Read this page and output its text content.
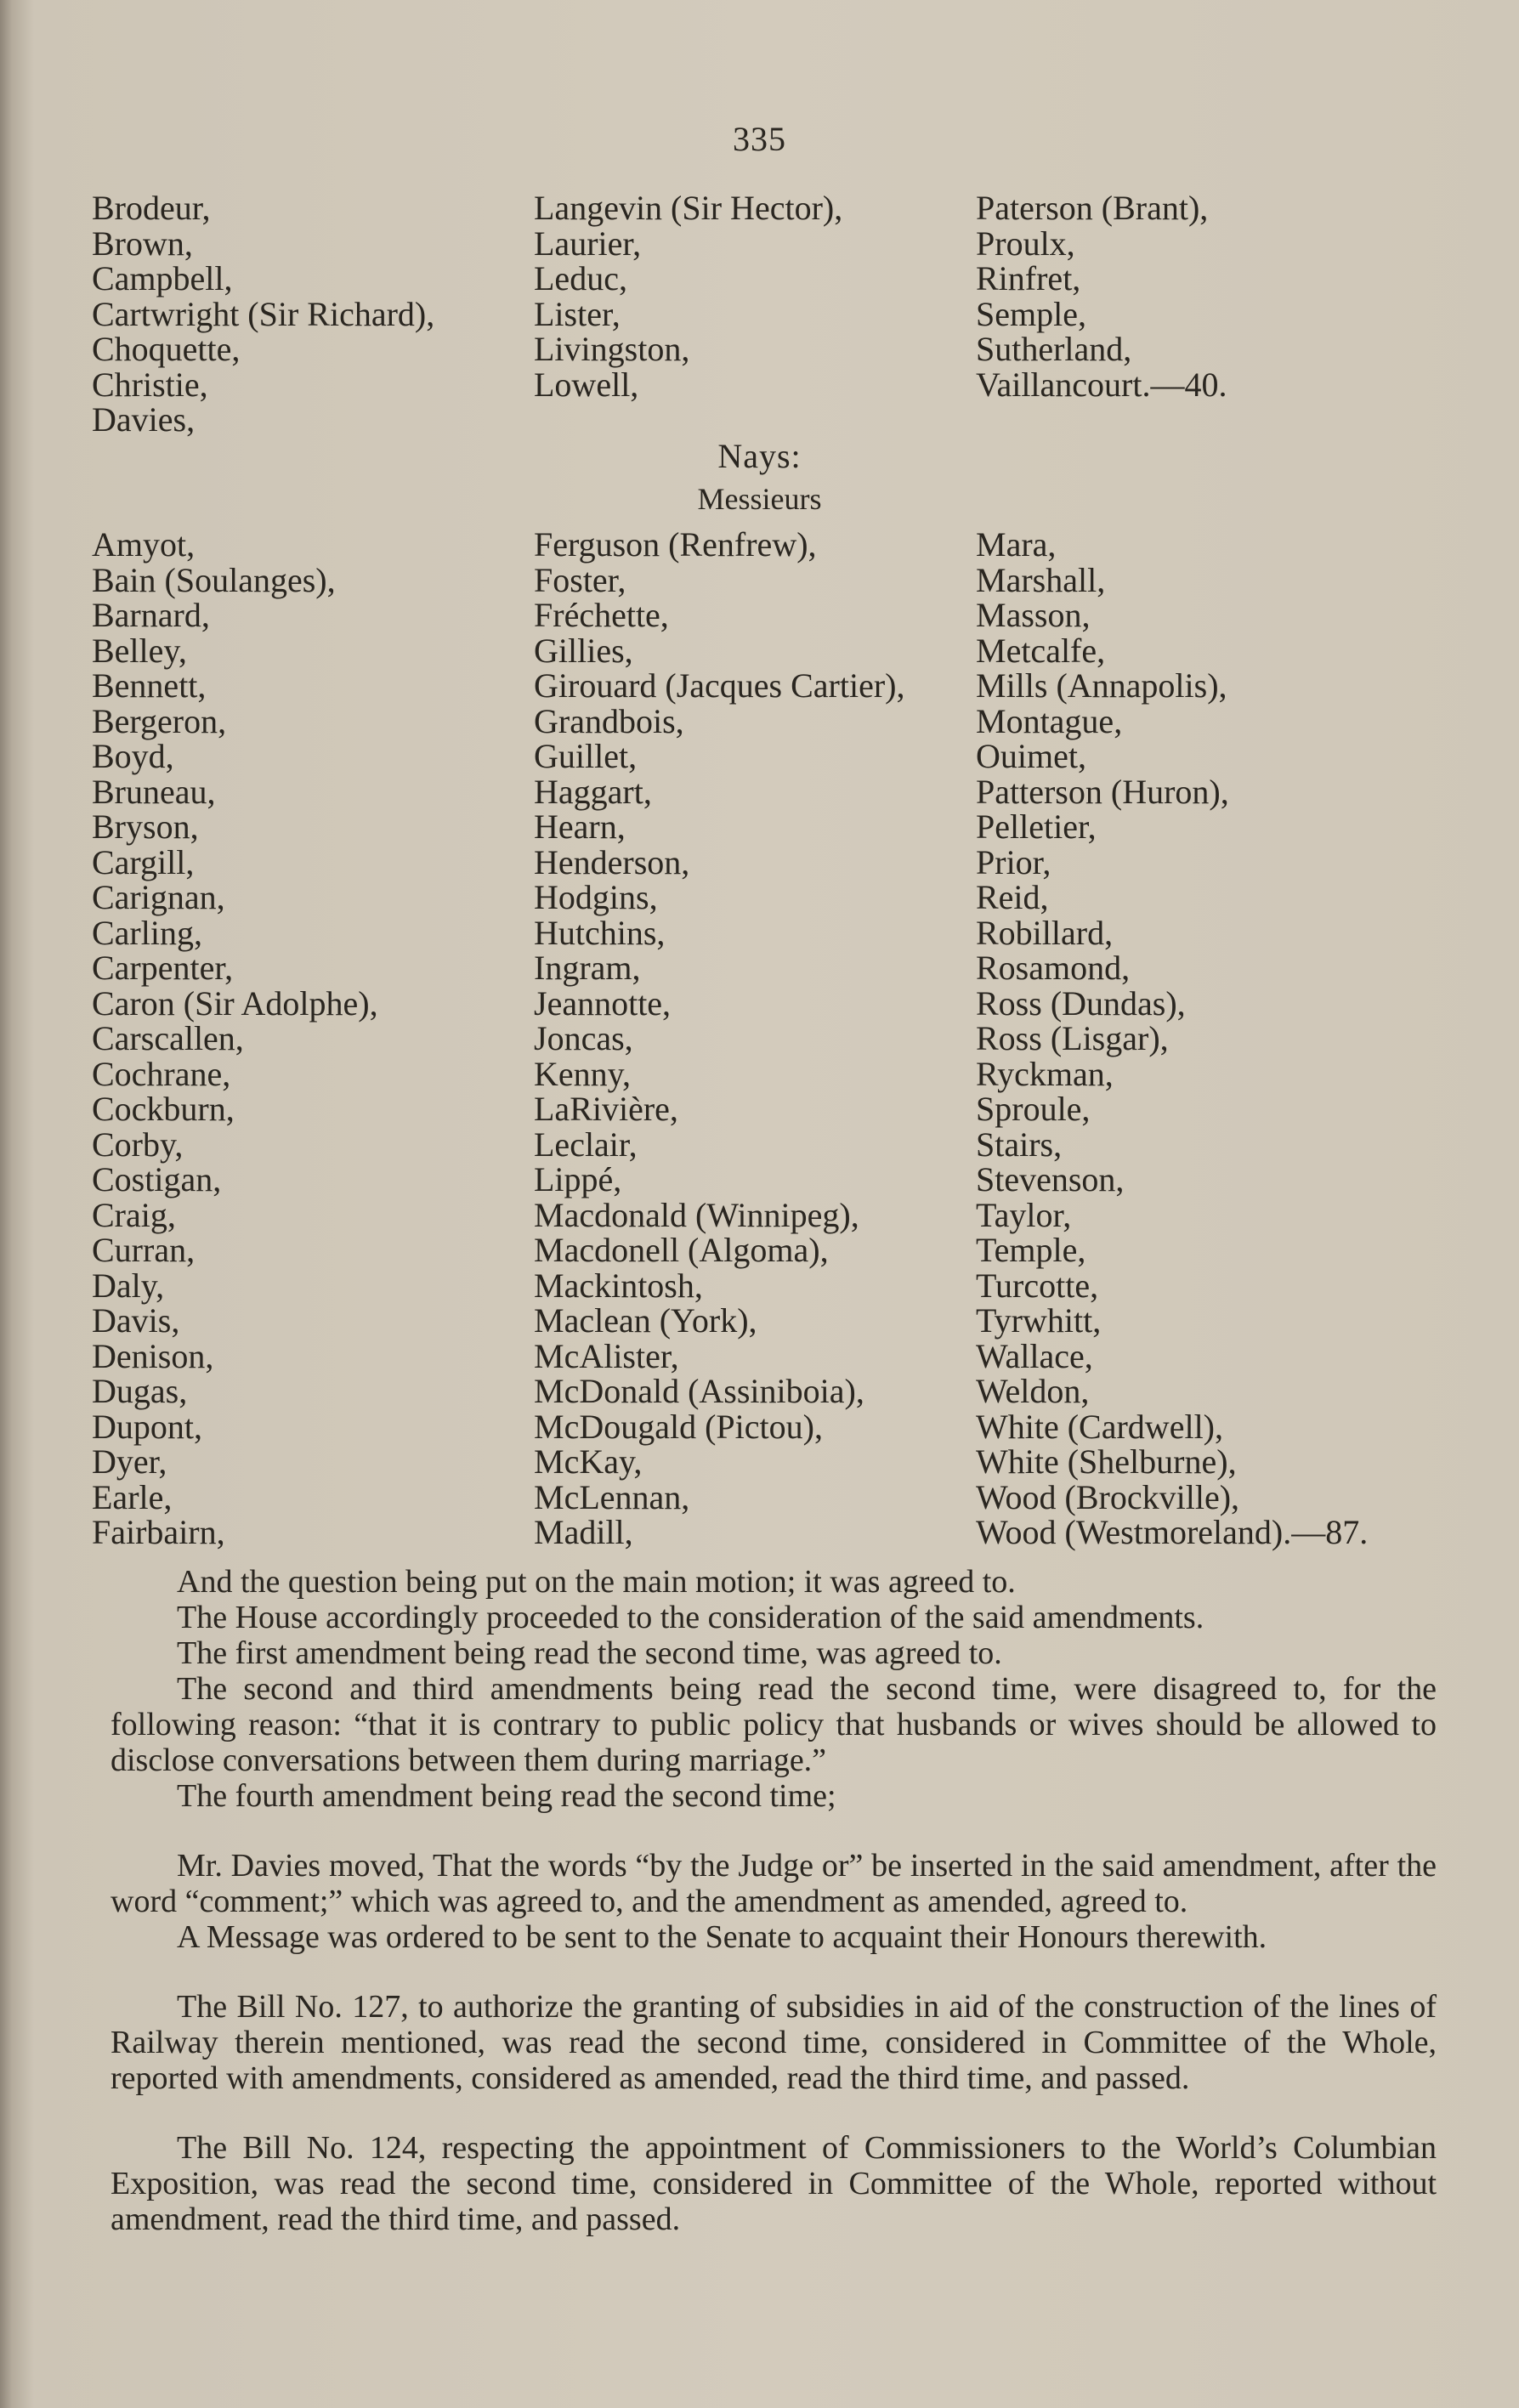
335
Brodeur,
Brown,
Campbell,
Cartwright (Sir Richard),
Choquette,
Christie,
Davies,
Langevin (Sir Hector),
Laurier,
Leduc,
Lister,
Livingston,
Lowell,
Paterson (Brant),
Proulx,
Rinfret,
Semple,
Sutherland,
Vaillancourt.—40.
Nays:
Messieurs
Amyot,
Bain (Soulanges),
Barnard,
Belley,
Bennett,
Bergeron,
Boyd,
Bruneau,
Bryson,
Cargill,
Carignan,
Carling,
Carpenter,
Caron (Sir Adolphe),
Carscallen,
Cochrane,
Cockburn,
Corby,
Costigan,
Craig,
Curran,
Daly,
Davis,
Denison,
Dugas,
Dupont,
Dyer,
Earle,
Fairbairn,
Ferguson (Renfrew),
Foster,
Fréchette,
Gillies,
Girouard (Jacques Cartier),
Grandbois,
Guillet,
Haggart,
Hearn,
Henderson,
Hodgins,
Hutchins,
Ingram,
Jeannotte,
Joncas,
Kenny,
LaRivière,
Leclair,
Lippé,
Macdonald (Winnipeg),
Macdonell (Algoma),
Mackintosh,
Maclean (York),
McAlister,
McDonald (Assiniboia),
McDougald (Pictou),
McKay,
McLennan,
Madill,
Mara,
Marshall,
Masson,
Metcalfe,
Mills (Annapolis),
Montague,
Ouimet,
Patterson (Huron),
Pelletier,
Prior,
Reid,
Robillard,
Rosamond,
Ross (Dundas),
Ross (Lisgar),
Ryckman,
Sproule,
Stairs,
Stevenson,
Taylor,
Temple,
Turcotte,
Tyrwhitt,
Wallace,
Weldon,
White (Cardwell),
White (Shelburne),
Wood (Brockville),
Wood (Westmoreland).—87.

And the question being put on the main motion; it was agreed to.

The House accordingly proceeded to the consideration of the said amendments.

The first amendment being read the second time, was agreed to.

The second and third amendments being read the second time, were disagreed to, for the following reason: “that it is contrary to public policy that husbands or wives should be allowed to disclose conversations between them during marriage.”

The fourth amendment being read the second time;

Mr. Davies moved, That the words “by the Judge or” be inserted in the said amendment, after the word “comment;” which was agreed to, and the amendment as amended, agreed to.

A Message was ordered to be sent to the Senate to acquaint their Honours therewith.

The Bill No. 127, to authorize the granting of subsidies in aid of the construction of the lines of Railway therein mentioned, was read the second time, considered in Committee of the Whole, reported with amendments, considered as amended, read the third time, and passed.

The Bill No. 124, respecting the appointment of Commissioners to the World’s Columbian Exposition, was read the second time, considered in Committee of the Whole, reported without amendment, read the third time, and passed.
